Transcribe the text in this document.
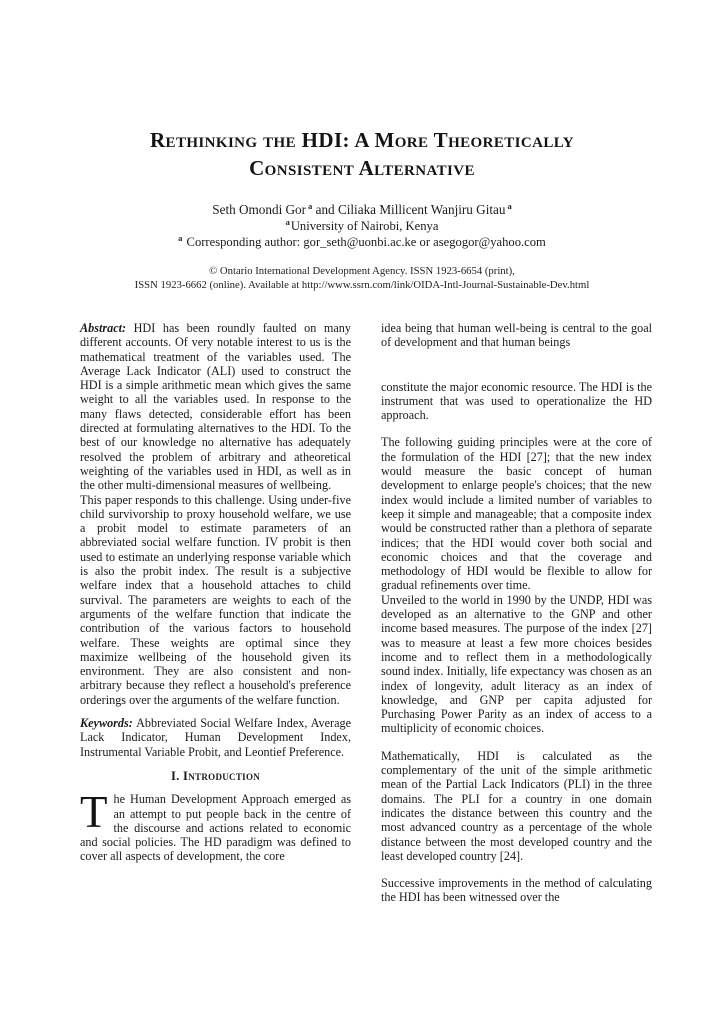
Rethinking the HDI: A More Theoretically
Consistent Alternative
Seth Omondi Gor $^a$ and Ciliaka Millicent Wanjiru Gitau $^a$
$^a$University of Nairobi, Kenya
$^a$ Corresponding author: gor_seth@uonbi.ac.ke or asegogor@yahoo.com
© Ontario International Development Agency. ISSN 1923-6654 (print),
ISSN 1923-6662 (online). Available at http://www.ssrn.com/link/OIDA-Intl-Journal-Sustainable-Dev.html

Abstract: HDI has been roundly faulted on many different accounts. Of very notable interest to us is the mathematical treatment of the variables used. The Average Lack Indicator (ALI) used to construct the HDI is a simple arithmetic mean which gives the same weight to all the variables used. In response to the many flaws detected, considerable effort has been directed at formulating alternatives to the HDI. To the best of our knowledge no alternative has adequately resolved the problem of arbitrary and atheoretical weighting of the variables used in HDI, as well as in the other multi-dimensional measures of wellbeing.

This paper responds to this challenge. Using under-five child survivorship to proxy household welfare, we use a probit model to estimate parameters of an abbreviated social welfare function. IV probit is then used to estimate an underlying response variable which is also the probit index. The result is a subjective welfare index that a household attaches to child survival. The parameters are weights to each of the arguments of the welfare function that indicate the contribution of the various factors to household welfare. These weights are optimal since they maximize wellbeing of the household given its environment. They are also consistent and non-arbitrary because they reflect a household's preference orderings over the arguments of the welfare function.

Keywords: Abbreviated Social Welfare Index, Average Lack Indicator, Human Development Index, Instrumental Variable Probit, and Leontief Preference.

I. Introduction

The Human Development Approach emerged as an attempt to put people back in the centre of the discourse and actions related to economic and social policies. The HD paradigm was defined to cover all aspects of development, the core

idea being that human well-being is central to the goal of development and that human beings

constitute the major economic resource. The HDI is the instrument that was used to operationalize the HD approach.

The following guiding principles were at the core of the formulation of the HDI [27]; that the new index would measure the basic concept of human development to enlarge people's choices; that the new index would include a limited number of variables to keep it simple and manageable; that a composite index would be constructed rather than a plethora of separate indices; that the HDI would cover both social and economic choices and that the coverage and methodology of HDI would be flexible to allow for gradual refinements over time.

Unveiled to the world in 1990 by the UNDP, HDI was developed as an alternative to the GNP and other income based measures. The purpose of the index [27] was to measure at least a few more choices besides income and to reflect them in a methodologically sound index. Initially, life expectancy was chosen as an index of longevity, adult literacy as an index of knowledge, and GNP per capita adjusted for Purchasing Power Parity as an index of access to a multiplicity of economic choices.

Mathematically, HDI is calculated as the complementary of the unit of the simple arithmetic mean of the Partial Lack Indicators (PLI) in the three domains. The PLI for a country in one domain indicates the distance between this country and the most advanced country as a percentage of the whole distance between the most developed country and the least developed country [24].

Successive improvements in the method of calculating the HDI has been witnessed over the
